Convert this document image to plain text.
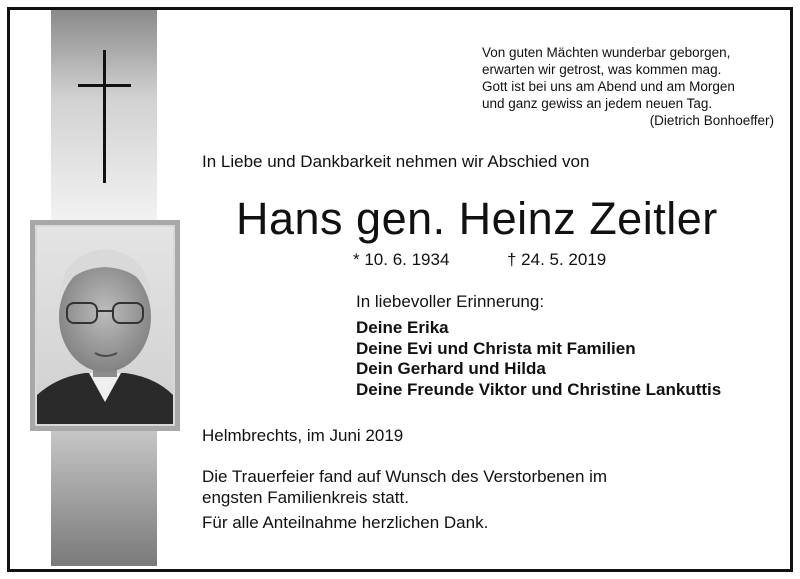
Von guten Mächten wunderbar geborgen,
erwarten wir getrost, was kommen mag.
Gott ist bei uns am Abend und am Morgen
und ganz gewiss an jedem neuen Tag.
(Dietrich Bonhoeffer)
In Liebe und Dankbarkeit nehmen wir Abschied von
Hans gen. Heinz Zeitler
* 10. 6. 1934	† 24. 5. 2019
In liebevoller Erinnerung:
Deine Erika
Deine Evi und Christa mit Familien
Dein Gerhard und Hilda
Deine Freunde Viktor und Christine Lankuttis
Helmbrechts, im Juni 2019
Die Trauerfeier fand auf Wunsch des Verstorbenen im engsten Familienkreis statt.
Für alle Anteilnahme herzlichen Dank.
